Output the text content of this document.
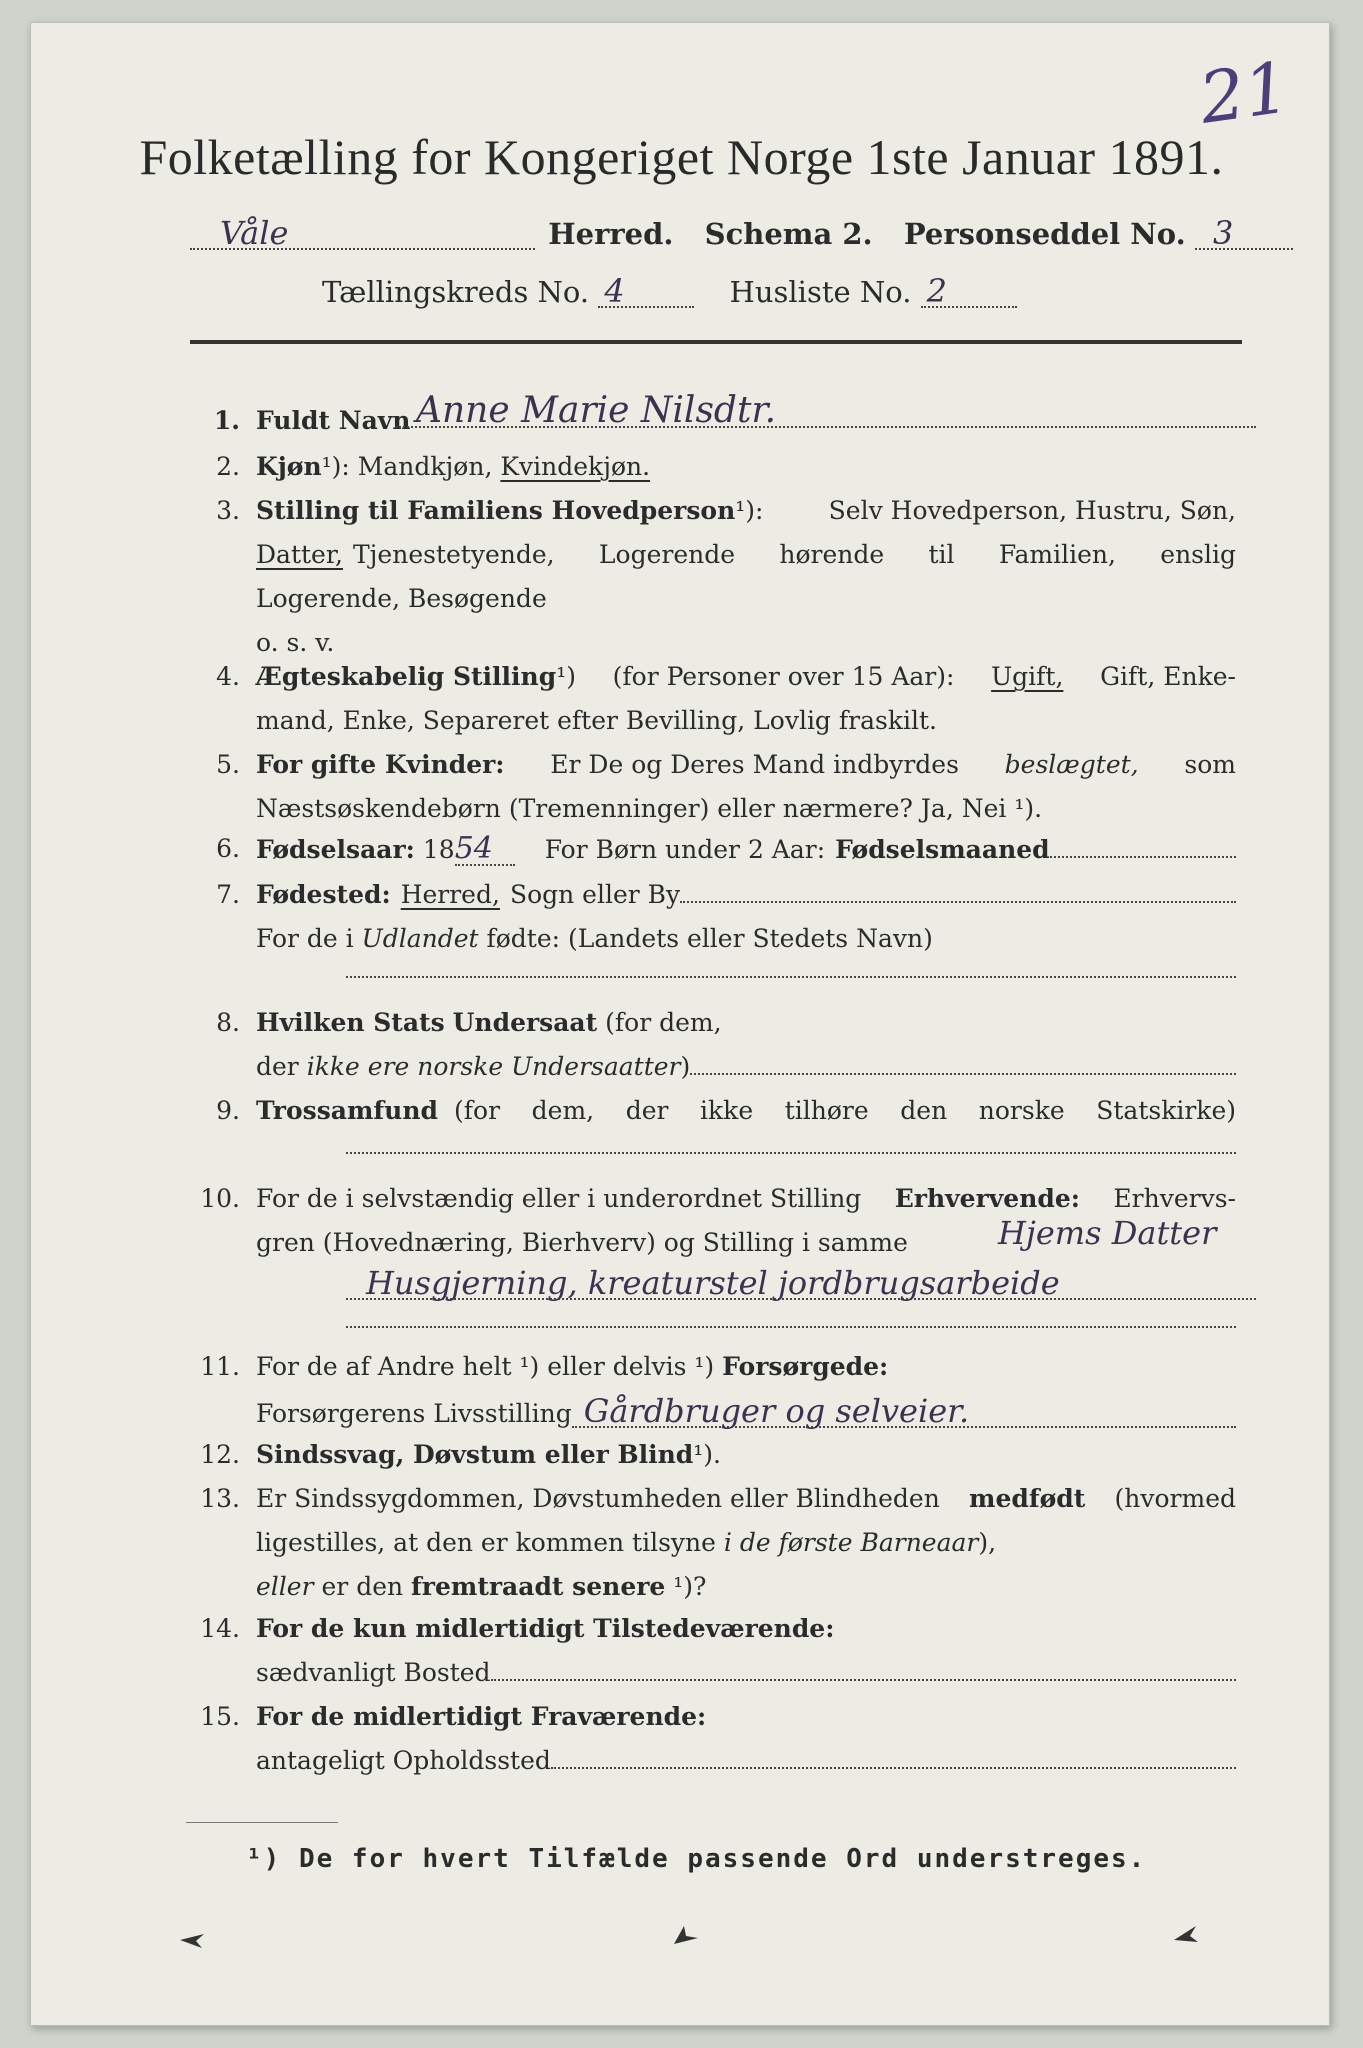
21
Folketælling for Kongeriget Norge 1ste Januar 1891.
Våle	Herred. Schema 2. Personseddel No. 3
Tællingskreds No. 4	Husliste No. 2
1. Fuldt Navn Anne Marie Nilsdtr.
2. Kjøn¹): Mandkjøn, Kvindekjøn.
3. Stilling til Familiens Hovedperson¹):	Selv Hovedperson, Hustru, Søn,
Datter, Tjenestetyende, Logerende hørende til Familien, enslig
Logerende, Besøgende
o. s. v.
4. Ægteskabelig Stilling¹) (for Personer over 15 Aar): Ugift, Gift, Enke-
mand, Enke, Separeret efter Bevilling, Lovlig fraskilt.
5. For gifte Kvinder: Er De og Deres Mand indbyrdes beslægtet, som
Næstsøskendebørn (Tremenninger) eller nærmere? Ja, Nei ¹).
6. Fødselsaar: 18 54	For Børn under 2 Aar: Fødselsmaaned
7. Fødested: Herred, Sogn eller By
For de i Udlandet fødte: (Landets eller Stedets Navn)
8. Hvilken Stats Undersaat (for dem,
der ikke ere norske Undersaatter )
9. Trossamfund (for dem, der ikke tilhøre den norske Statskirke)
10. For de i selvstændig eller i underordnet Stilling Erhvervende: Erhvervs-
gren (Hovednæring, Bierhverv) og Stilling i samme	Hjems Datter
Husgjerning, kreaturstel jordbrugsarbeide
11. For de af Andre helt ¹) eller delvis ¹) Forsørgede:
Forsørgerens Livsstilling Gårdbruger og selveier.
12. Sindssvag, Døvstum eller Blind¹).
13. Er Sindssygdommen, Døvstumheden eller Blindheden medfødt (hvormed
ligestilles, at den er kommen tilsyne i de første Barneaar),
eller er den fremtraadt senere ¹)?
14. For de kun midlertidigt Tilstedeværende:
sædvanligt Bosted
15. For de midlertidigt Fraværende:
antageligt Opholdssted
¹) De for hvert Tilfælde passende Ord understreges.
